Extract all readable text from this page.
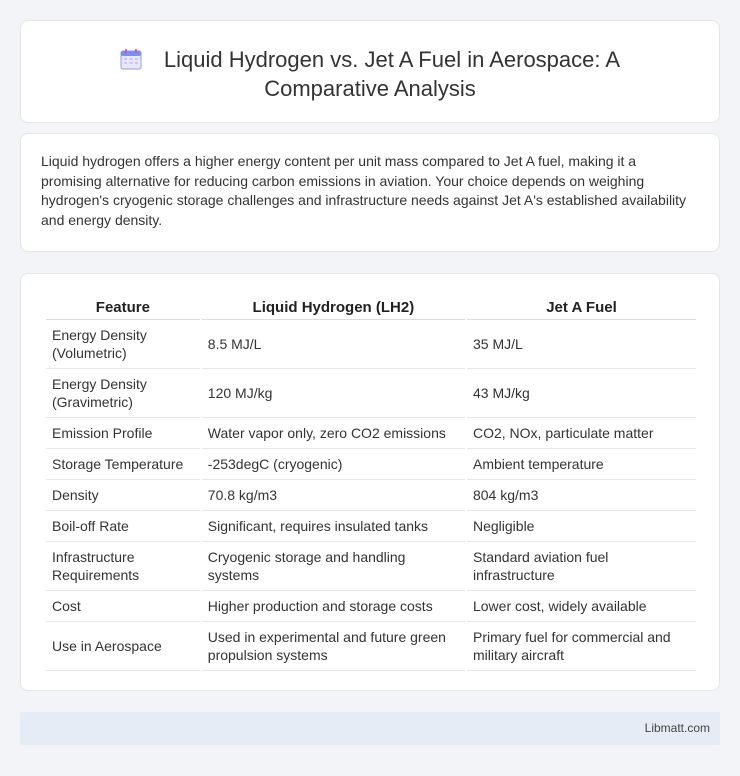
Liquid Hydrogen vs. Jet A Fuel in Aerospace: A Comparative Analysis

Liquid hydrogen offers a higher energy content per unit mass compared to Jet A fuel, making it a promising alternative for reducing carbon emissions in aviation. Your choice depends on weighing hydrogen's cryogenic storage challenges and infrastructure needs against Jet A's established availability and energy density.

Feature	Liquid Hydrogen (LH2)	Jet A Fuel
Energy Density (Volumetric)	8.5 MJ/L	35 MJ/L
Energy Density (Gravimetric)	120 MJ/kg	43 MJ/kg
Emission Profile	Water vapor only, zero CO2 emissions	CO2, NOx, particulate matter
Storage Temperature	-253degC (cryogenic)	Ambient temperature
Density	70.8 kg/m3	804 kg/m3
Boil-off Rate	Significant, requires insulated tanks	Negligible
Infrastructure Requirements	Cryogenic storage and handling systems	Standard aviation fuel infrastructure
Cost	Higher production and storage costs	Lower cost, widely available
Use in Aerospace	Used in experimental and future green propulsion systems	Primary fuel for commercial and military aircraft
Libmatt.com
